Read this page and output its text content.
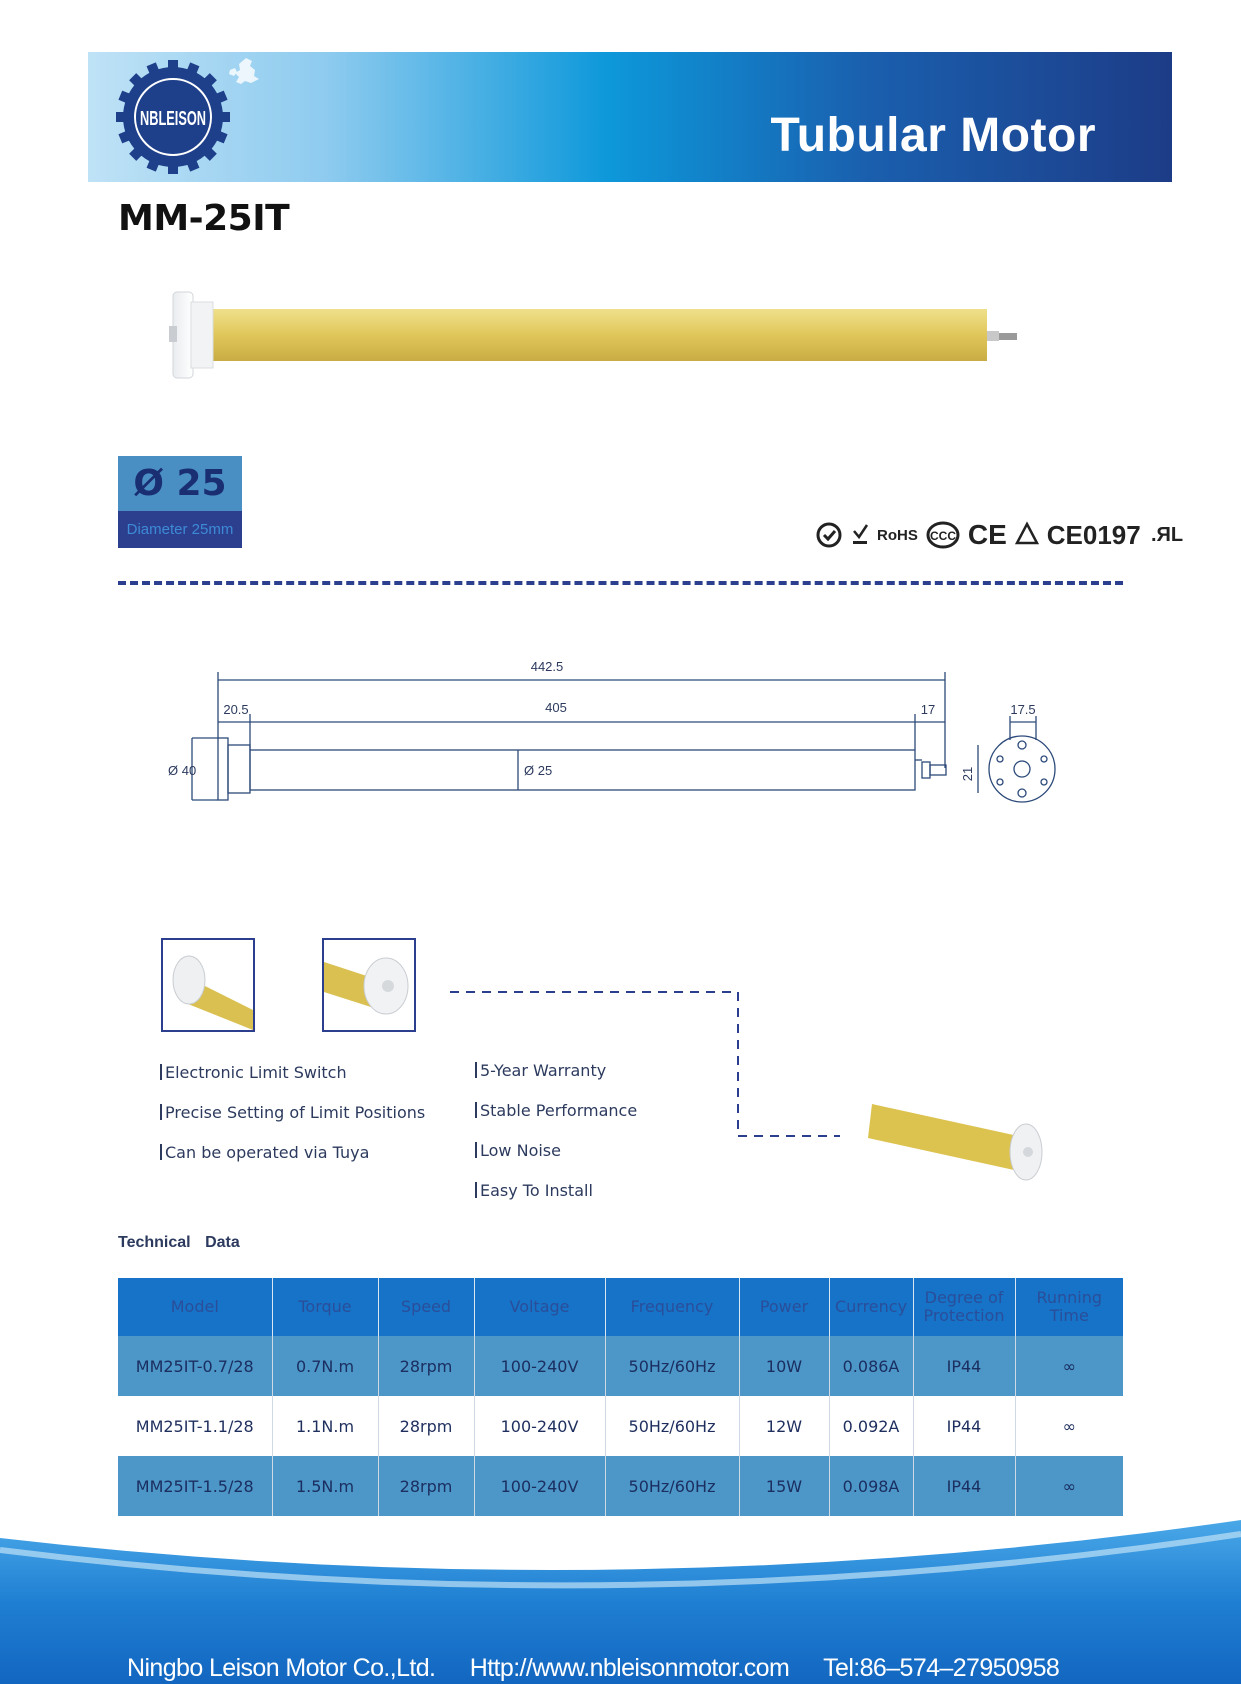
NBLEISON	Tubular Motor
MM-25IT
Ø 25
Diameter 25mm	RoHS CCC CE CE0197 .ЯL
442.5
20.5	405	17
Ø 40	Ø 25
17.5
21
Electronic Limit Switch
Precise Setting of Limit Positions
Can be operated via Tuya
5-Year Warranty
Stable Performance
Low Noise
Easy To Install
Technical Data
Model	Torque	Speed	Voltage	Frequency	Power	Currency	Degree of Protection	Running Time
MM25IT-0.7/28	0.7N.m	28rpm	100-240V	50Hz/60Hz	10W	0.086A	IP44	∞
MM25IT-1.1/28	1.1N.m	28rpm	100-240V	50Hz/60Hz	12W	0.092A	IP44	∞
MM25IT-1.5/28	1.5N.m	28rpm	100-240V	50Hz/60Hz	15W	0.098A	IP44	∞
Ningbo Leison Motor Co.,Ltd. Http://www.nbleisonmotor.com Tel:86–574–27950958
